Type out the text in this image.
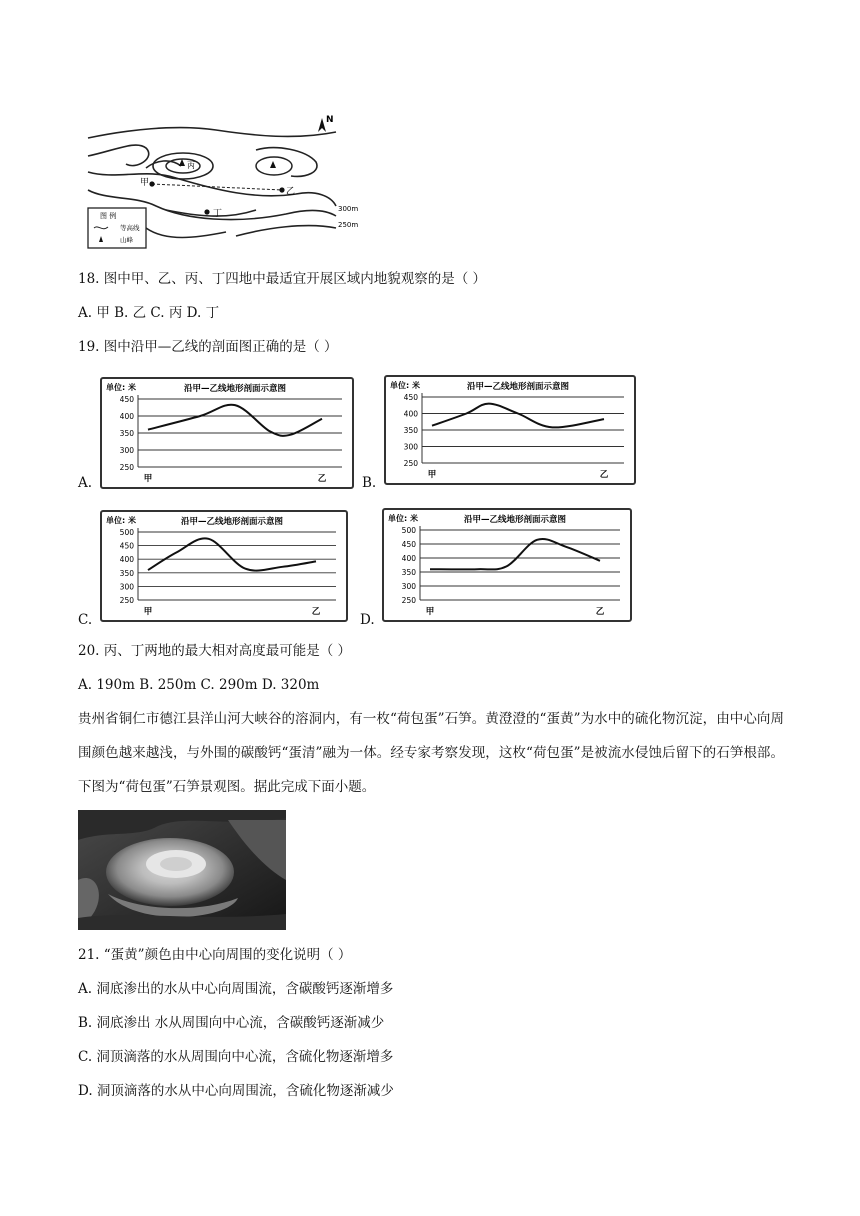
丙
甲
乙
丁	300m
250m
N
图 例
等高线
山峰
18. 图中甲、乙、丙、丁四地中最适宜开展区域内地貌观察的是（ ）
A. 甲 B. 乙 C. 丙 D. 丁
19. 图中沿甲—乙线的剖面图正确的是（ ）
单位: 米	沿甲—乙线地形剖面示意图
250
300
350
400
450
甲	乙
A.
单位: 米	沿甲—乙线地形剖面示意图
250
300
350
400
450
甲	乙
B.
单位: 米	沿甲—乙线地形剖面示意图
250
300
350
400
450
500
甲	乙
C.
单位: 米	沿甲—乙线地形剖面示意图
250
300
350
400
450
500
甲	乙
D.
20. 丙、丁两地的最大相对高度最可能是（ ）
A. 190m B. 250m C. 290m D. 320m
贵州省铜仁市德江县洋山河大峡谷的溶洞内，有一枚“荷包蛋”石笋。黄澄澄的“蛋黄”为水中的硫化物沉淀，由中心向周围颜色越来越浅，与外围的碳酸钙“蛋清”融为一体。经专家考察发现，这枚“荷包蛋”是被流水侵蚀后留下的石笋根部。下图为“荷包蛋”石笋景观图。据此完成下面小题。
21. “蛋黄”颜色由中心向周围的变化说明（ ）
A. 洞底渗出的水从中心向周围流，含碳酸钙逐渐增多
B. 洞底渗出 水从周围向中心流，含碳酸钙逐渐减少
C. 洞顶滴落的水从周围向中心流，含硫化物逐渐增多
D. 洞顶滴落的水从中心向周围流，含硫化物逐渐减少
